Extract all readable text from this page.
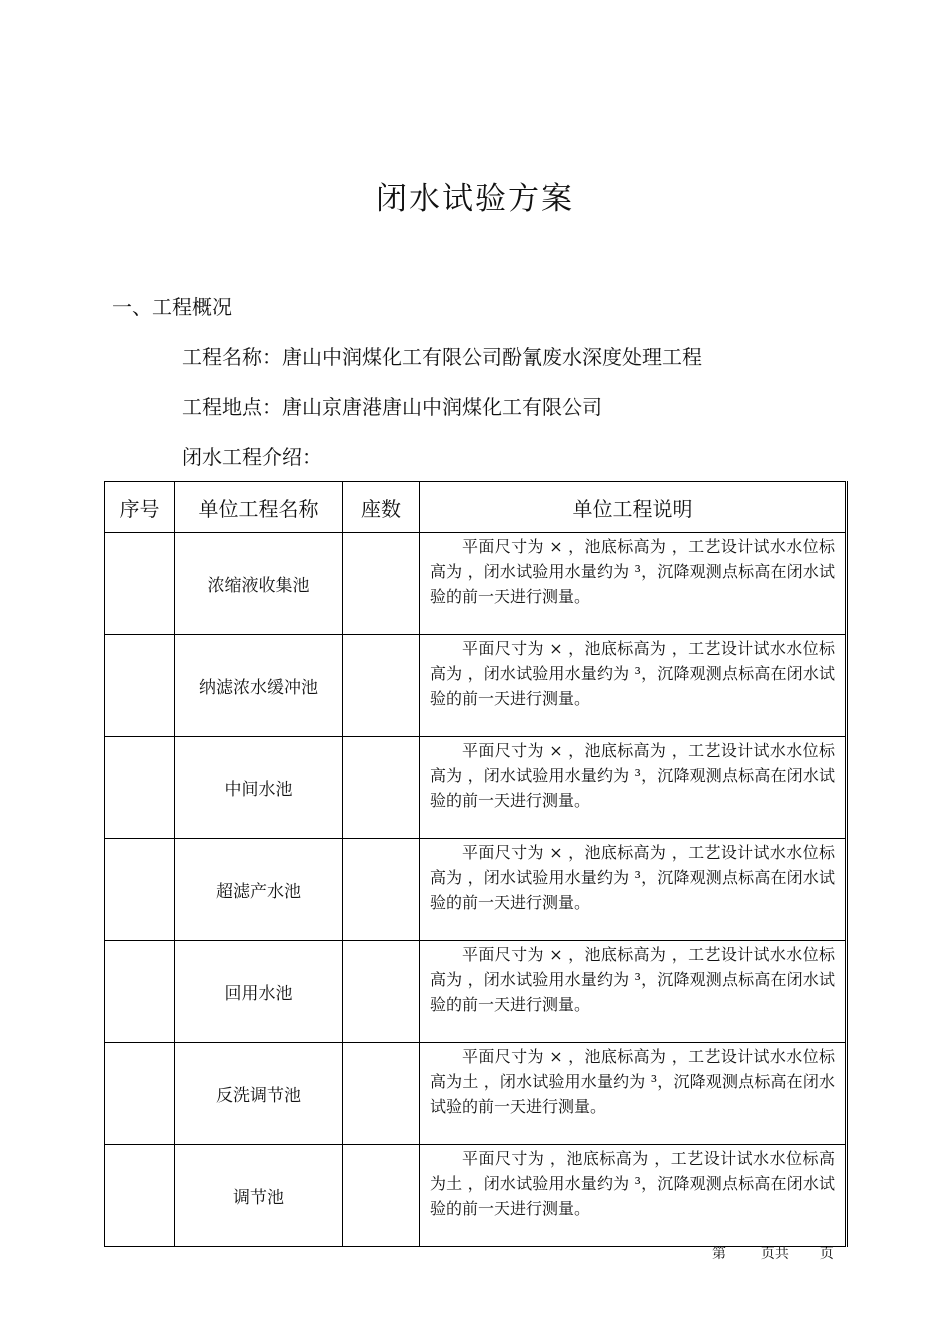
闭水试验方案
一、工程概况
工程名称：唐山中润煤化工有限公司酚氰废水深度处理工程
工程地点：唐山京唐港唐山中润煤化工有限公司
闭水工程介绍：
序号	单位工程名称	座数	单位工程说明
	浓缩液收集池		平面尺寸为 × ，池底标高为 ，工艺设计试水水位标高为 ，闭水试验用水量约为 ³，沉降观测点标高在闭水试验的前一天进行测量。

	纳滤浓水缓冲池		平面尺寸为 × ，池底标高为 ，工艺设计试水水位标高为 ，闭水试验用水量约为 ³，沉降观测点标高在闭水试验的前一天进行测量。

	中间水池		平面尺寸为 × ，池底标高为 ，工艺设计试水水位标高为 ，闭水试验用水量约为 ³，沉降观测点标高在闭水试验的前一天进行测量。

	超滤产水池		平面尺寸为 × ，池底标高为 ，工艺设计试水水位标高为 ，闭水试验用水量约为 ³，沉降观测点标高在闭水试验的前一天进行测量。

	回用水池		平面尺寸为 × ，池底标高为 ，工艺设计试水水位标高为 ，闭水试验用水量约为 ³，沉降观测点标高在闭水试验的前一天进行测量。

	反洗调节池		平面尺寸为 × ，池底标高为 ，工艺设计试水水位标高为土 ，闭水试验用水量约为 ³，沉降观测点标高在闭水试验的前一天进行测量。

	调节池		平面尺寸为 ，池底标高为 ，工艺设计试水水位标高为土 ，闭水试验用水量约为 ³，沉降观测点标高在闭水试验的前一天进行测量。
第 页共 页
